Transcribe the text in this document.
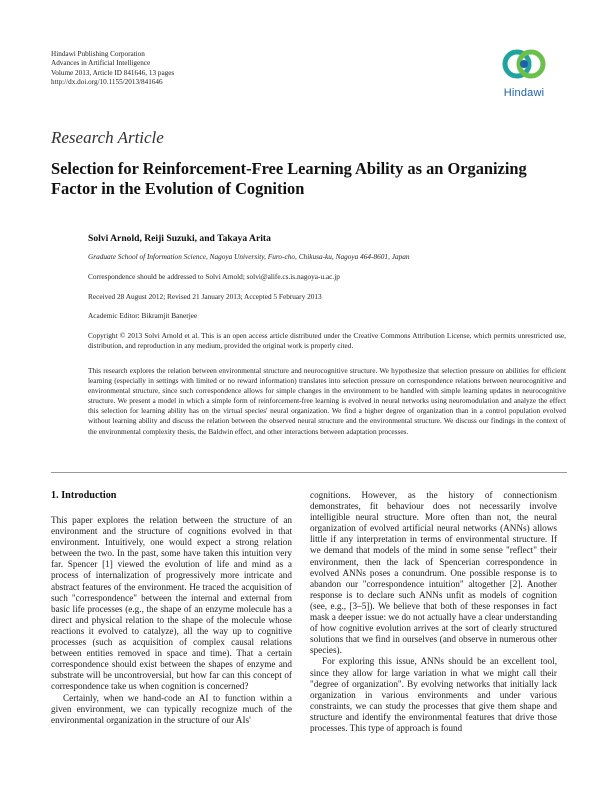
Hindawi Publishing Corporation
Advances in Artificial Intelligence
Volume 2013, Article ID 841646, 13 pages
http://dx.doi.org/10.1155/2013/841646
Hindawi
Research Article
Selection for Reinforcement-Free Learning Ability as an Organizing Factor in the Evolution of Cognition
Solvi Arnold, Reiji Suzuki, and Takaya Arita
Graduate School of Information Science, Nagoya University, Furo-cho, Chikusa-ku, Nagoya 464-8601, Japan
Correspondence should be addressed to Solvi Arnold; solvi@alife.cs.is.nagoya-u.ac.jp
Received 28 August 2012; Revised 21 January 2013; Accepted 5 February 2013
Academic Editor: Bikramjit Banerjee
Copyright © 2013 Solvi Arnold et al. This is an open access article distributed under the Creative Commons Attribution License, which permits unrestricted use, distribution, and reproduction in any medium, provided the original work is properly cited.
This research explores the relation between environmental structure and neurocognitive structure. We hypothesize that selection pressure on abilities for efficient learning (especially in settings with limited or no reward information) translates into selection pressure on correspondence relations between neurocognitive and environmental structure, since such correspondence allows for simple changes in the environment to be handled with simple learning updates in neurocognitive structure. We present a model in which a simple form of reinforcement-free learning is evolved in neural networks using neuromodulation and analyze the effect this selection for learning ability has on the virtual species' neural organization. We find a higher degree of organization than in a control population evolved without learning ability and discuss the relation between the observed neural structure and the environmental structure. We discuss our findings in the context of the environmental complexity thesis, the Baldwin effect, and other interactions between adaptation processes.
1. Introduction

This paper explores the relation between the structure of an environment and the structure of cognitions evolved in that environment. Intuitively, one would expect a strong relation between the two. In the past, some have taken this intuition very far. Spencer [1] viewed the evolution of life and mind as a process of internalization of progressively more intricate and abstract features of the environment. He traced the acquisition of such "correspondence" between the internal and external from basic life processes (e.g., the shape of an enzyme molecule has a direct and physical relation to the shape of the molecule whose reactions it evolved to catalyze), all the way up to cognitive processes (such as acquisition of complex causal relations between entities removed in space and time). That a certain correspondence should exist between the shapes of enzyme and substrate will be uncontroversial, but how far can this concept of correspondence take us when cognition is concerned?

Certainly, when we hand-code an AI to function within a given environment, we can typically recognize much of the environmental organization in the structure of our AIs'

cognitions. However, as the history of connectionism demonstrates, fit behaviour does not necessarily involve intelligible neural structure. More often than not, the neural organization of evolved artificial neural networks (ANNs) allows little if any interpretation in terms of environmental structure. If we demand that models of the mind in some sense "reflect" their environment, then the lack of Spencerian correspondence in evolved ANNs poses a conundrum. One possible response is to abandon our "correspondence intuition" altogether [2]. Another response is to declare such ANNs unfit as models of cognition (see, e.g., [3–5]). We believe that both of these responses in fact mask a deeper issue: we do not actually have a clear understanding of how cognitive evolution arrives at the sort of clearly structured solutions that we find in ourselves (and observe in numerous other species).

For exploring this issue, ANNs should be an excellent tool, since they allow for large variation in what we might call their "degree of organization". By evolving networks that initially lack organization in various environments and under various constraints, we can study the processes that give them shape and structure and identify the environmental features that drive those processes. This type of approach is found
